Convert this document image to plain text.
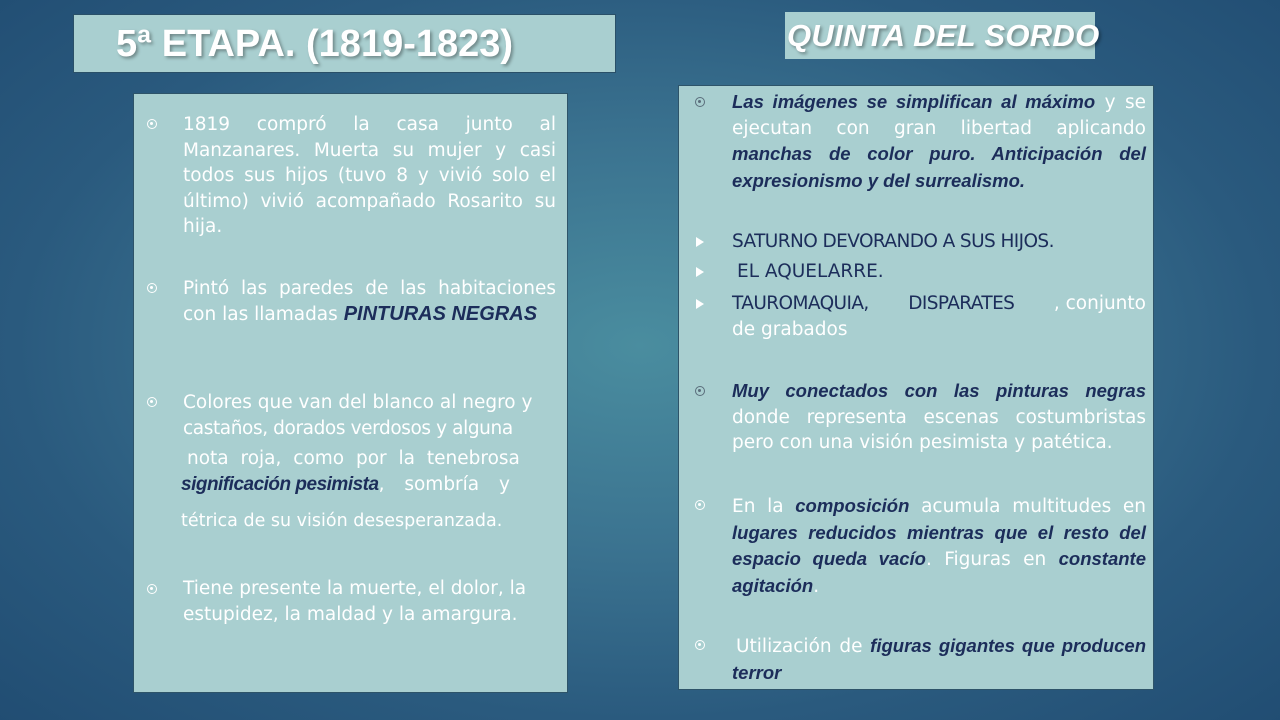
5ª ETAPA. (1819-1823)	QUINTA DEL SORDO
1819 compró la casa junto al Manzanares. Muerta su mujer y casi todos sus hijos (tuvo 8 y vivió solo el último) vivió acompañado Rosarito su hija.
Pintó las paredes de las habitaciones con las llamadas PINTURAS NEGRAS
Colores que van del blanco al negro y
castaños, dorados verdosos y alguna
nota roja, como por la tenebrosa
significación pesimista, sombría y
tétrica de su visión desesperanzada.
Tiene presente la muerte, el dolor, la estupidez, la maldad y la amargura.
Las imágenes se simplifican al máximo y se ejecutan con gran libertad aplicando manchas de color puro. Anticipación del expresionismo y del surrealismo.
SATURNO DEVORANDO A SUS HIJOS.
EL AQUELARRE.
TAUROMAQUIA, DISPARATES , conjunto
de grabados
Muy conectados con las pinturas negras donde representa escenas costumbristas pero con una visión pesimista y patética.
En la composición acumula multitudes en lugares reducidos mientras que el resto del espacio queda vacío. Figuras en constante agitación.
Utilización de figuras gigantes que producen terror
